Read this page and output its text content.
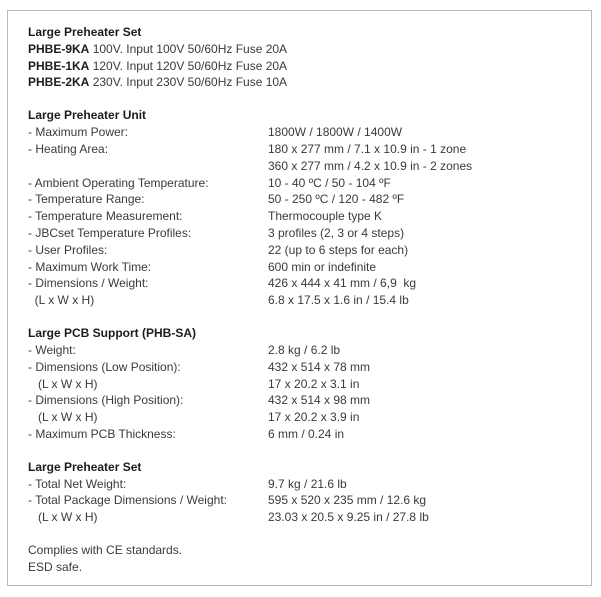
Large Preheater Set
PHBE-9KA 100V. Input 100V 50/60Hz Fuse 20A
PHBE-1KA 120V. Input 120V 50/60Hz Fuse 20A
PHBE-2KA 230V. Input 230V 50/60Hz Fuse 10A
Large Preheater Unit
- Maximum Power:	1800W / 1800W / 1400W
- Heating Area:	180 x 277 mm / 7.1 x 10.9 in - 1 zone
360 x 277 mm / 4.2 x 10.9 in - 2 zones
- Ambient Operating Temperature:	10 - 40 ºC / 50 - 104 ºF
- Temperature Range:	50 - 250 ºC / 120 - 482 ºF
- Temperature Measurement:	Thermocouple type K
- JBCset Temperature Profiles:	3 profiles (2, 3 or 4 steps)
- User Profiles:	22 (up to 6 steps for each)
- Maximum Work Time:	600 min or indefinite
- Dimensions / Weight:	426 x 444 x 41 mm / 6,9  kg
(L x W x H)	6.8 x 17.5 x 1.6 in / 15.4 lb
Large PCB Support (PHB-SA)
- Weight:	2.8 kg / 6.2 lb
- Dimensions (Low Position):	432 x 514 x 78 mm
(L x W x H)	17 x 20.2 x 3.1 in
- Dimensions (High Position):	432 x 514 x 98 mm
(L x W x H)	17 x 20.2 x 3.9 in
- Maximum PCB Thickness:	6 mm / 0.24 in
Large Preheater Set
- Total Net Weight:	9.7 kg / 21.6 lb
- Total Package Dimensions / Weight:	595 x 520 x 235 mm / 12.6 kg
(L x W x H)	23.03 x 20.5 x 9.25 in / 27.8 lb
Complies with CE standards.
ESD safe.
